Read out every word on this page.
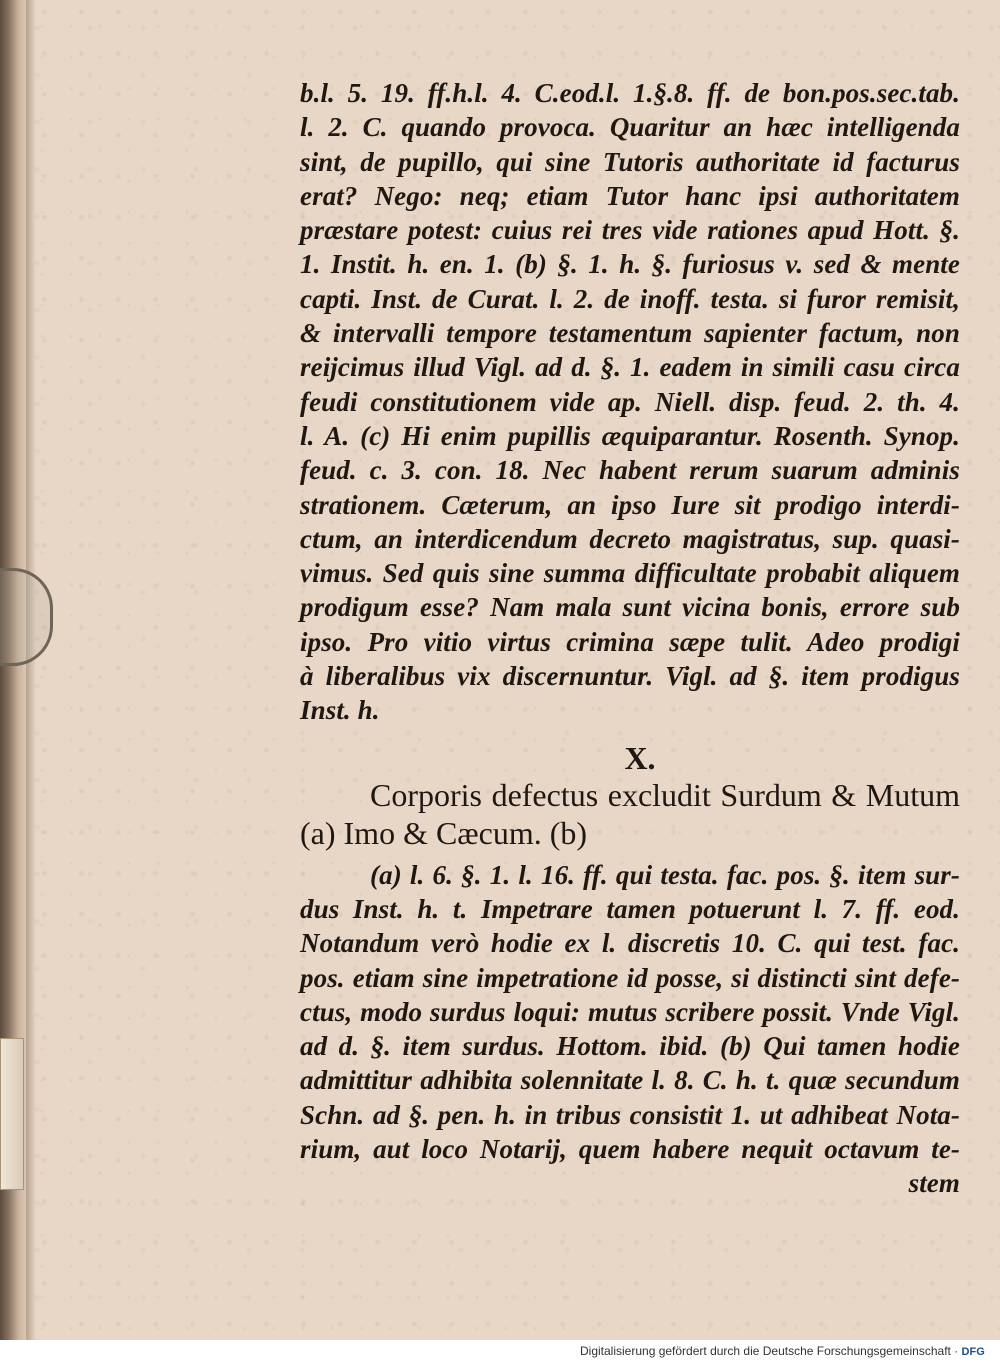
b.l. 5. 19. ff.h.l. 4. C.eod.l. 1.§.8. ff. de bon.pos.sec.tab.
l. 2. C. quando provoca. Quaritur an hæc intelligenda
sint, de pupillo, qui sine Tutoris authoritate id facturus
erat? Nego: neq; etiam Tutor hanc ipsi authoritatem
præstare potest: cuius rei tres vide rationes apud Hott. §.
1. Instit. h. en. 1. (b) §. 1. h. §. furiosus v. sed & mente
capti. Inst. de Curat. l. 2. de inoff. testa. si furor remisit,
& intervalli tempore testamentum sapienter factum, non
reijcimus illud Vigl. ad d. §. 1. eadem in simili casu circa
feudi constitutionem vide ap. Niell. disp. feud. 2. th. 4.
l. A. (c) Hi enim pupillis æquiparantur. Rosenth. Synop.
feud. c. 3. con. 18. Nec habent rerum suarum adminis
strationem. Cæterum, an ipso Iure sit prodigo interdi-
ctum, an interdicendum decreto magistratus, sup. quasi-
vimus. Sed quis sine summa difficultate probabit aliquem
prodigum esse? Nam mala sunt vicina bonis, errore sub
ipso. Pro vitio virtus crimina sæpe tulit. Adeo prodigi
à liberalibus vix discernuntur. Vigl. ad §. item prodigus
Inst. h.
X.
Corporis defectus excludit Surdum & Mutum
(a) Imo & Cæcum. (b)
(a) l. 6. §. 1. l. 16. ff. qui testa. fac. pos. §. item sur-
dus Inst. h. t. Impetrare tamen potuerunt l. 7. ff. eod.
Notandum verò hodie ex l. discretis 10. C. qui test. fac.
pos. etiam sine impetratione id posse, si distincti sint defe-
ctus, modo surdus loqui: mutus scribere possit. Vnde Vigl.
ad d. §. item surdus. Hottom. ibid. (b) Qui tamen hodie
admittitur adhibita solennitate l. 8. C. h. t. quæ secundum
Schn. ad §. pen. h. in tribus consistit 1. ut adhibeat Nota-
rium, aut loco Notarij, quem habere nequit octavum te-
stem
Digitalisierung gefördert durch die Deutsche Forschungsgemeinschaft · DFG
